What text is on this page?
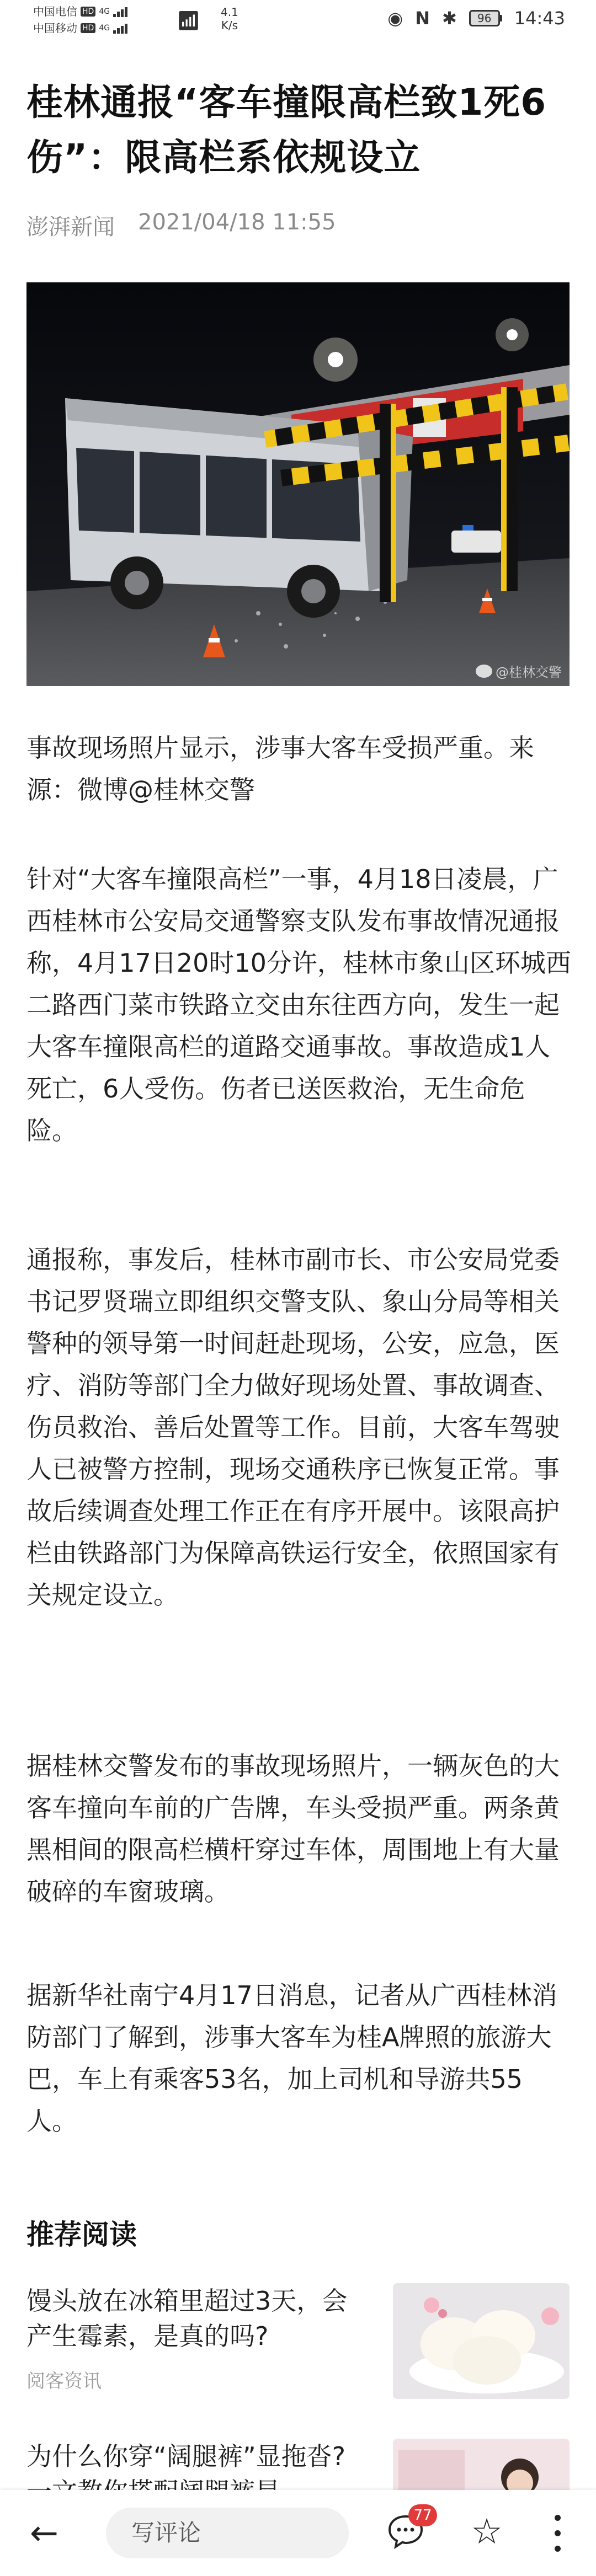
中国电信 HD 4G
中国移动 HD 4G	📶︎ 4.1
K/s	◉ N ✱	96	14:43
桂林通报“客车撞限高栏致1死6伤”：限高栏系依规设立
澎湃新闻 2021/04/18 11:55
@桂林交警

事故现场照片显示，涉事大客车受损严重。来源：微博@桂林交警

针对“大客车撞限高栏”一事，4月18日凌晨，广西桂林市公安局交通警察支队发布事故情况通报称，4月17日20时10分许，桂林市象山区环城西二路西门菜市铁路立交由东往西方向，发生一起大客车撞限高栏的道路交通事故。事故造成1人死亡，6人受伤。伤者已送医救治，无生命危险。

通报称，事发后，桂林市副市长、市公安局党委书记罗贤瑞立即组织交警支队、象山分局等相关警种的领导第一时间赶赴现场，公安，应急，医疗、消防等部门全力做好现场处置、事故调查、伤员救治、善后处置等工作。目前，大客车驾驶人已被警方控制，现场交通秩序已恢复正常。事故后续调查处理工作正在有序开展中。该限高护栏由铁路部门为保障高铁运行安全，依照国家有关规定设立。

据桂林交警发布的事故现场照片，一辆灰色的大客车撞向车前的广告牌，车头受损严重。两条黄黑相间的限高栏横杆穿过车体，周围地上有大量破碎的车窗玻璃。

据新华社南宁4月17日消息，记者从广西桂林消防部门了解到，涉事大客车为桂A牌照的旅游大巴，车上有乘客53名，加上司机和导游共55人。

推荐阅读
馒头放在冰箱里超过3天，会产生霉素，是真的吗?
阅客资讯
为什么你穿“阔腿裤”显拖沓?
←	写评论
77 ☆
